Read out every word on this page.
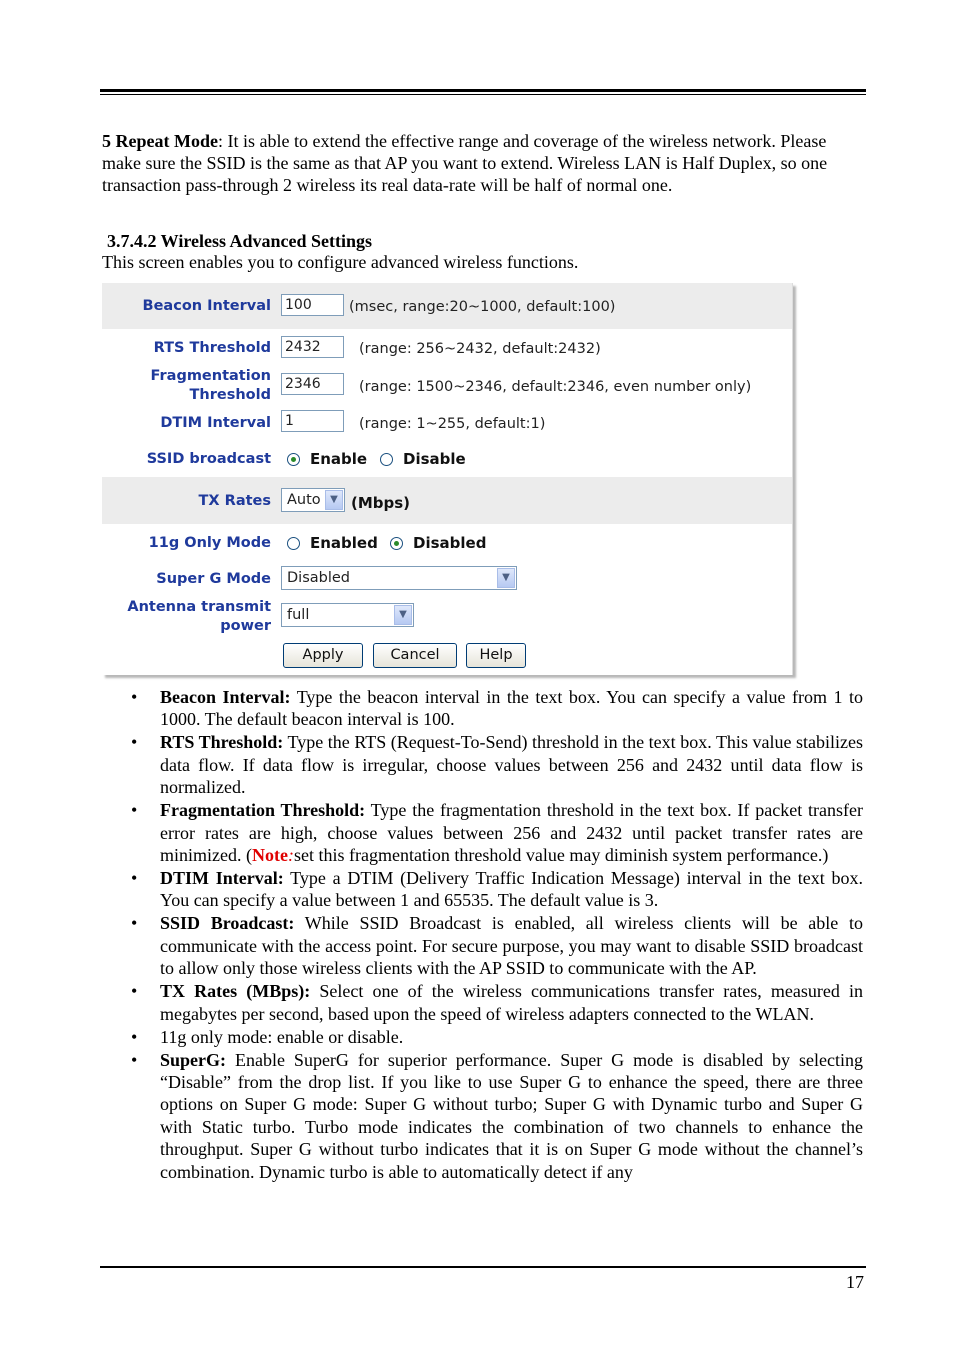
5 Repeat Mode: It is able to extend the effective range and coverage of the wireless network. Please make sure the SSID is the same as that AP you want to extend. Wireless LAN is Half Duplex, so one transaction pass-through 2 wireless its real data-rate will be half of normal one.
3.7.4.2 Wireless Advanced Settings
This screen enables you to configure advanced wireless functions.
Beacon Interval 100	(msec, range:20~1000, default:100)
RTS Threshold 2432	(range: 256~2432, default:2432)
Fragmentation
Threshold
2346	(range: 1500~2346, default:2346, even number only)
DTIM Interval 1	(range: 1~255, default:1)
SSID broadcast	Enable Disable
TX Rates	Auto ▼ (Mbps)
11g Only Mode	Enabled Disabled
Super G Mode	Disabled	▼
Antenna transmit
power
full	▼
Apply	Cancel	Help
• Beacon Interval: Type the beacon interval in the text box. You can specify a value from 1 to 1000. The default beacon interval is 100.
• RTS Threshold: Type the RTS (Request-To-Send) threshold in the text box. This value stabilizes data flow. If data flow is irregular, choose values between 256 and 2432 until data flow is normalized.
• Fragmentation Threshold: Type the fragmentation threshold in the text box. If packet transfer error rates are high, choose values between 256 and 2432 until packet transfer rates are minimized. (Note:set this fragmentation threshold value may diminish system performance.)
• DTIM Interval: Type a DTIM (Delivery Traffic Indication Message) interval in the text box. You can specify a value between 1 and 65535. The default value is 3.
• SSID Broadcast: While SSID Broadcast is enabled, all wireless clients will be able to communicate with the access point. For secure purpose, you may want to disable SSID broadcast to allow only those wireless clients with the AP SSID to communicate with the AP.
• TX Rates (MBps): Select one of the wireless communications transfer rates, measured in megabytes per second, based upon the speed of wireless adapters connected to the WLAN.
• 11g only mode: enable or disable.
• SuperG: Enable SuperG for superior performance. Super G mode is disabled by selecting “Disable” from the drop list. If you like to use Super G to enhance the speed, there are three options on Super G mode: Super G without turbo; Super G with Dynamic turbo and Super G with Static turbo. Turbo mode indicates the combination of two channels to enhance the throughput. Super G without turbo indicates that it is on Super G mode without the channel’s combination. Dynamic turbo is able to automatically detect if any
17
